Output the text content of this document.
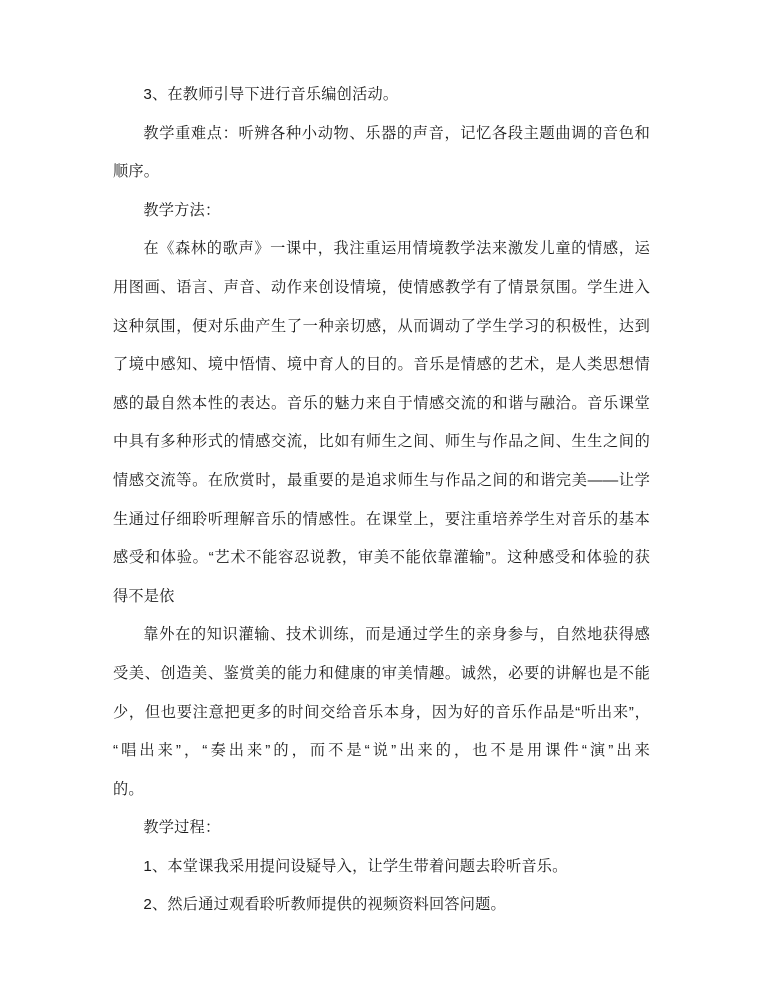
3、在教师引导下进行音乐编创活动。
教学重难点：听辨各种小动物、乐器的声音，记忆各段主题曲调的音色和
顺序。
教学方法：
在《森林的歌声》一课中，我注重运用情境教学法来激发儿童的情感，运
用图画、语言、声音、动作来创设情境，使情感教学有了情景氛围。学生进入
这种氛围，便对乐曲产生了一种亲切感，从而调动了学生学习的积极性，达到
了境中感知、境中悟情、境中育人的目的。音乐是情感的艺术，是人类思想情
感的最自然本性的表达。音乐的魅力来自于情感交流的和谐与融洽。音乐课堂
中具有多种形式的情感交流，比如有师生之间、师生与作品之间、生生之间的
情感交流等。在欣赏时，最重要的是追求师生与作品之间的和谐完美——让学
生通过仔细聆听理解音乐的情感性。在课堂上，要注重培养学生对音乐的基本
感受和体验。“艺术不能容忍说教，审美不能依靠灌输”。这种感受和体验的获
得不是依
靠外在的知识灌输、技术训练，而是通过学生的亲身参与，自然地获得感
受美、创造美、鉴赏美的能力和健康的审美情趣。诚然，必要的讲解也是不能
少，但也要注意把更多的时间交给音乐本身，因为好的音乐作品是“听出来”，
“唱出来”，“奏出来”的，而不是“说”出来的，也不是用课件“演”出来
的。
教学过程：
1、本堂课我采用提问设疑导入，让学生带着问题去聆听音乐。
2、然后通过观看聆听教师提供的视频资料回答问题。
